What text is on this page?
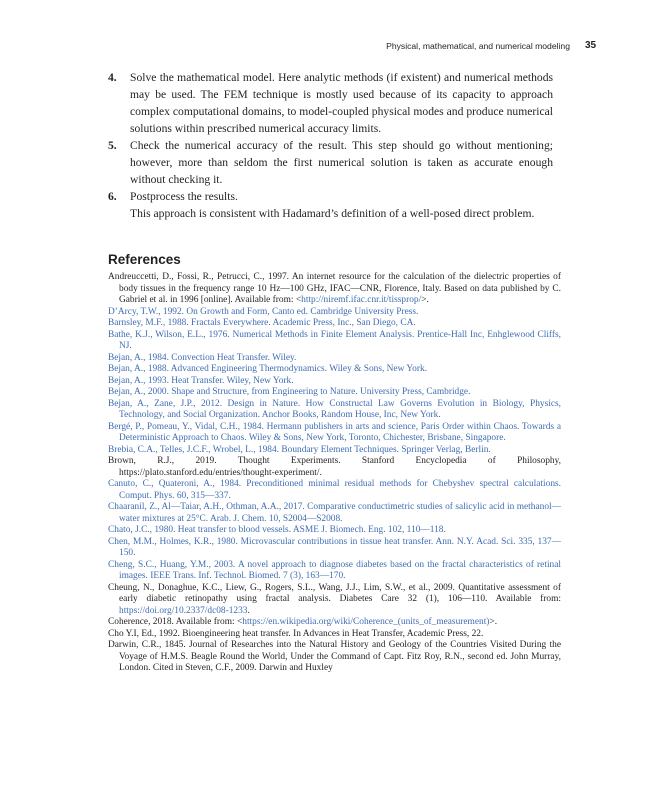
Physical, mathematical, and numerical modeling 35

4. Solve the mathematical model. Here analytic methods (if existent) and numerical methods may be used. The FEM technique is mostly used because of its capacity to approach complex computational domains, to model-coupled physical modes and produce numerical solutions within prescribed numerical accuracy limits.

5. Check the numerical accuracy of the result. This step should go without mentioning; however, more than seldom the first numerical solution is taken as accurate enough without checking it.

6. Postprocess the results.

This approach is consistent with Hadamard’s definition of a well-posed direct problem.

References

Andreuccetti, D., Fossi, R., Petrucci, C., 1997. An internet resource for the calculation of the dielectric properties of body tissues in the frequency range 10 Hz—100 GHz, IFAC—CNR, Florence, Italy. Based on data published by C. Gabriel et al. in 1996 [online]. Available from: <http://niremf.ifac.cnr.it/tissprop/>.

D’Arcy, T.W., 1992. On Growth and Form, Canto ed. Cambridge University Press.

Barnsley, M.F., 1988. Fractals Everywhere. Academic Press, Inc., San Diego, CA.

Bathe, K.J., Wilson, E.L., 1976. Numerical Methods in Finite Element Analysis. Prentice-Hall Inc, Enhglewood Cliffs, NJ.

Bejan, A., 1984. Convection Heat Transfer. Wiley.

Bejan, A., 1988. Advanced Engineering Thermodynamics. Wiley & Sons, New York.

Bejan, A., 1993. Heat Transfer. Wiley, New York.

Bejan, A., 2000. Shape and Structure, from Engineering to Nature. University Press, Cambridge.

Bejan, A., Zane, J.P., 2012. Design in Nature. How Constructal Law Governs Evolution in Biology, Physics, Technology, and Social Organization. Anchor Books, Random House, Inc, New York.

Bergé, P., Pomeau, Y., Vidal, C.H., 1984. Hermann publishers in arts and science, Paris Order within Chaos. Towards a Deterministic Approach to Chaos. Wiley & Sons, New York, Toronto, Chichester, Brisbane, Singapore.

Brebia, C.A., Telles, J.C.F., Wrobel, L., 1984. Boundary Element Techniques. Springer Verlag, Berlin.

Brown, R.J., 2019. Thought Experiments. Stanford Encyclopedia of Philosophy, https://plato.stanford.edu/entries/thought-experiment/.

Canuto, C., Quateroni, A., 1984. Preconditioned minimal residual methods for Chebyshev spectral calculations. Comput. Phys. 60, 315—337.

Chaaranil, Z., Al—Taiar, A.H., Othman, A.A., 2017. Comparative conductimetric studies of salicylic acid in methanol—water mixtures at 25°C. Arab. J. Chem. 10, S2004—S2008.

Chato, J.C., 1980. Heat transfer to blood vessels. ASME J. Biomech. Eng. 102, 110—118.

Chen, M.M., Holmes, K.R., 1980. Microvascular contributions in tissue heat transfer. Ann. N.Y. Acad. Sci. 335, 137—150.

Cheng, S.C., Huang, Y.M., 2003. A novel approach to diagnose diabetes based on the fractal characteristics of retinal images. IEEE Trans. Inf. Technol. Biomed. 7 (3), 163—170.

Cheung, N., Donaghue, K.C., Liew, G., Rogers, S.L., Wang, J.J., Lim, S.W., et al., 2009. Quantitative assessment of early diabetic retinopathy using fractal analysis. Diabetes Care 32 (1), 106—110. Available from: https://doi.org/10.2337/dc08-1233.

Coherence, 2018. Available from: <https://en.wikipedia.org/wiki/Coherence_(units_of_measurement)>.

Cho Y.I, Ed., 1992. Bioengineering heat transfer. In Advances in Heat Transfer, Academic Press, 22.

Darwin, C.R., 1845. Journal of Researches into the Natural History and Geology of the Countries Visited During the Voyage of H.M.S. Beagle Round the World, Under the Command of Capt. Fitz Roy, R.N., second ed. John Murray, London. Cited in Steven, C.F., 2009. Darwin and Huxley
